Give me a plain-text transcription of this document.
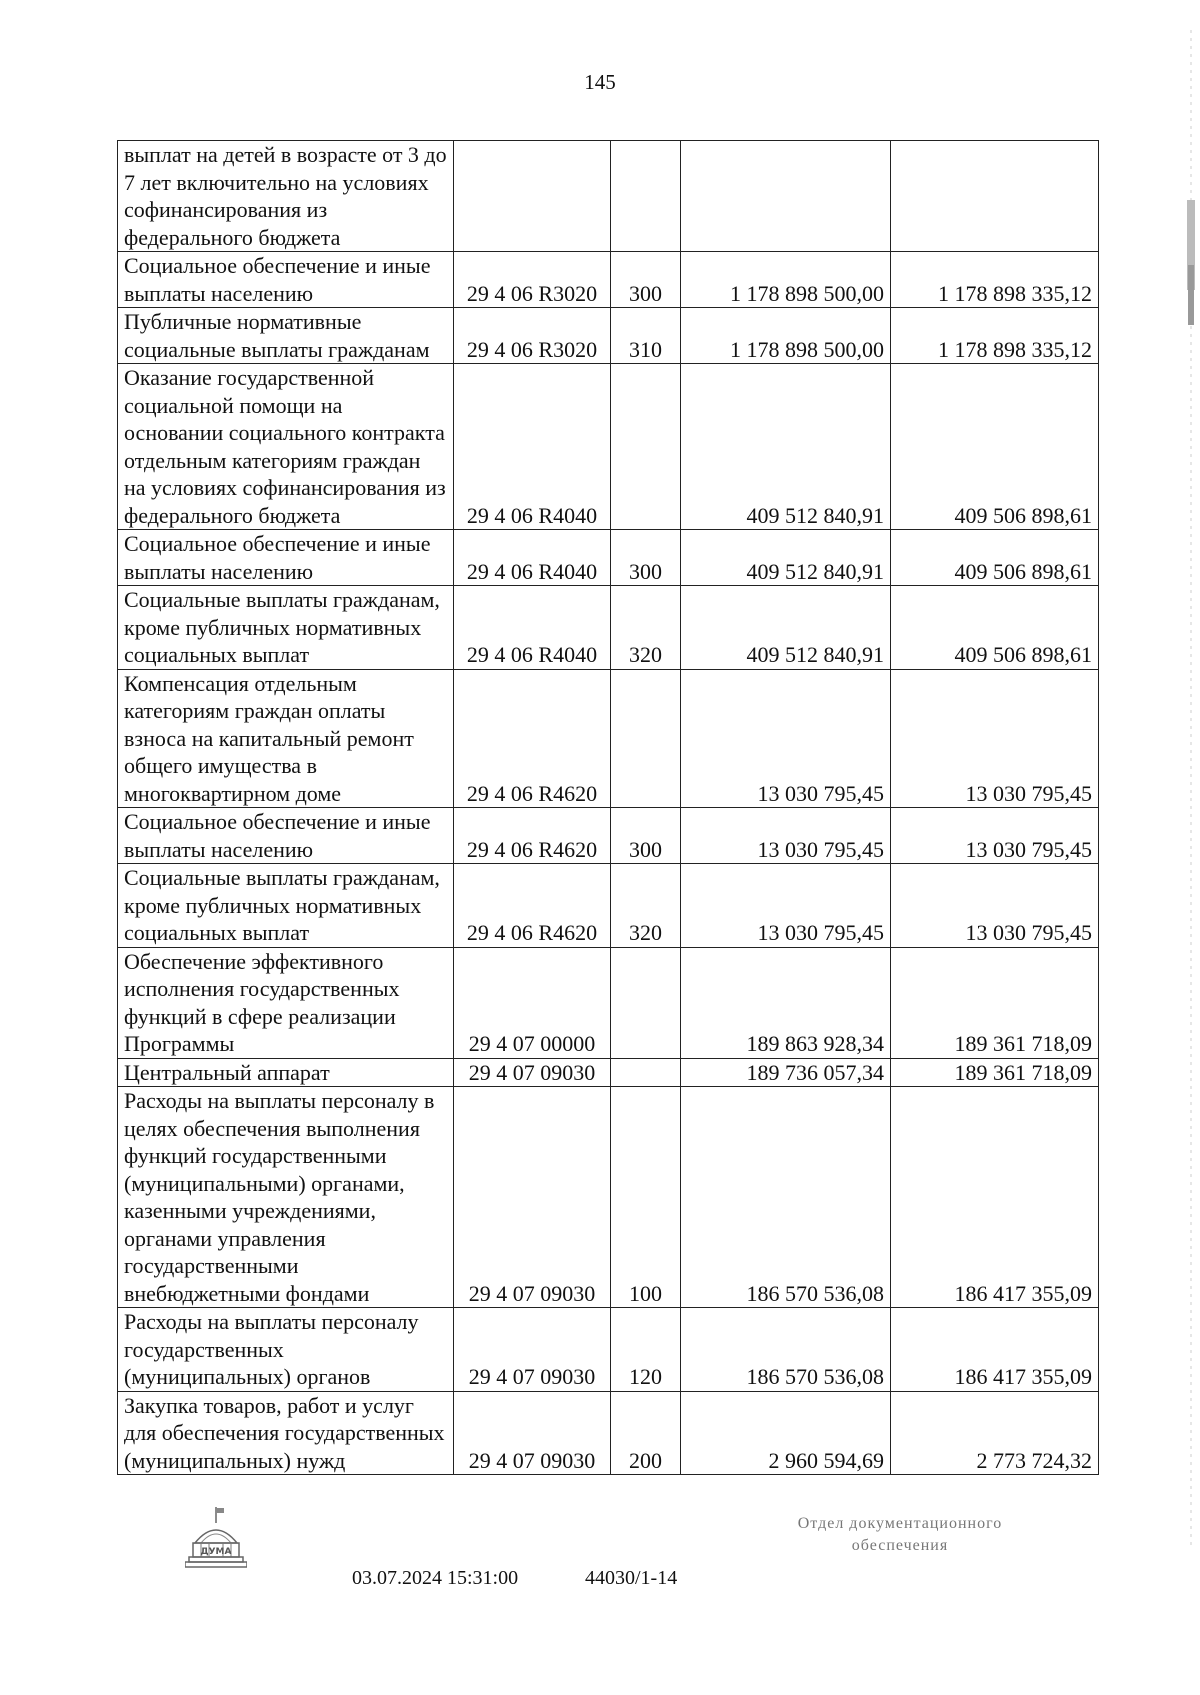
145
выплат на детей в возрасте от 3 до 7 лет включительно на условиях софинансирования из федерального бюджета				
Социальное обеспечение и иные выплаты населению	29 4 06 R3020	300	1 178 898 500,00	1 178 898 335,12
Публичные нормативные социальные выплаты гражданам	29 4 06 R3020	310	1 178 898 500,00	1 178 898 335,12
Оказание государственной социальной помощи на основании социального контракта отдельным категориям граждан на условиях софинансирования из федерального бюджета	29 4 06 R4040		409 512 840,91	409 506 898,61
Социальное обеспечение и иные выплаты населению	29 4 06 R4040	300	409 512 840,91	409 506 898,61
Социальные выплаты гражданам, кроме публичных нормативных социальных выплат	29 4 06 R4040	320	409 512 840,91	409 506 898,61
Компенсация отдельным категориям граждан оплаты взноса на капитальный ремонт общего имущества в многоквартирном доме	29 4 06 R4620		13 030 795,45	13 030 795,45
Социальное обеспечение и иные выплаты населению	29 4 06 R4620	300	13 030 795,45	13 030 795,45
Социальные выплаты гражданам, кроме публичных нормативных социальных выплат	29 4 06 R4620	320	13 030 795,45	13 030 795,45
Обеспечение эффективного исполнения государственных функций в сфере реализации Программы	29 4 07 00000		189 863 928,34	189 361 718,09
Центральный аппарат	29 4 07 09030		189 736 057,34	189 361 718,09
Расходы на выплаты персоналу в целях обеспечения выполнения функций государственными (муниципальными) органами, казенными учреждениями, органами управления государственными внебюджетными фондами	29 4 07 09030	100	186 570 536,08	186 417 355,09
Расходы на выплаты персоналу государственных (муниципальных) органов	29 4 07 09030	120	186 570 536,08	186 417 355,09
Закупка товаров, работ и услуг для обеспечения государственных (муниципальных) нужд	29 4 07 09030	200	2 960 594,69	2 773 724,32
ДУМА
03.07.2024 15:31:00	44030/1-14
Отдел документационного
обеспечения
